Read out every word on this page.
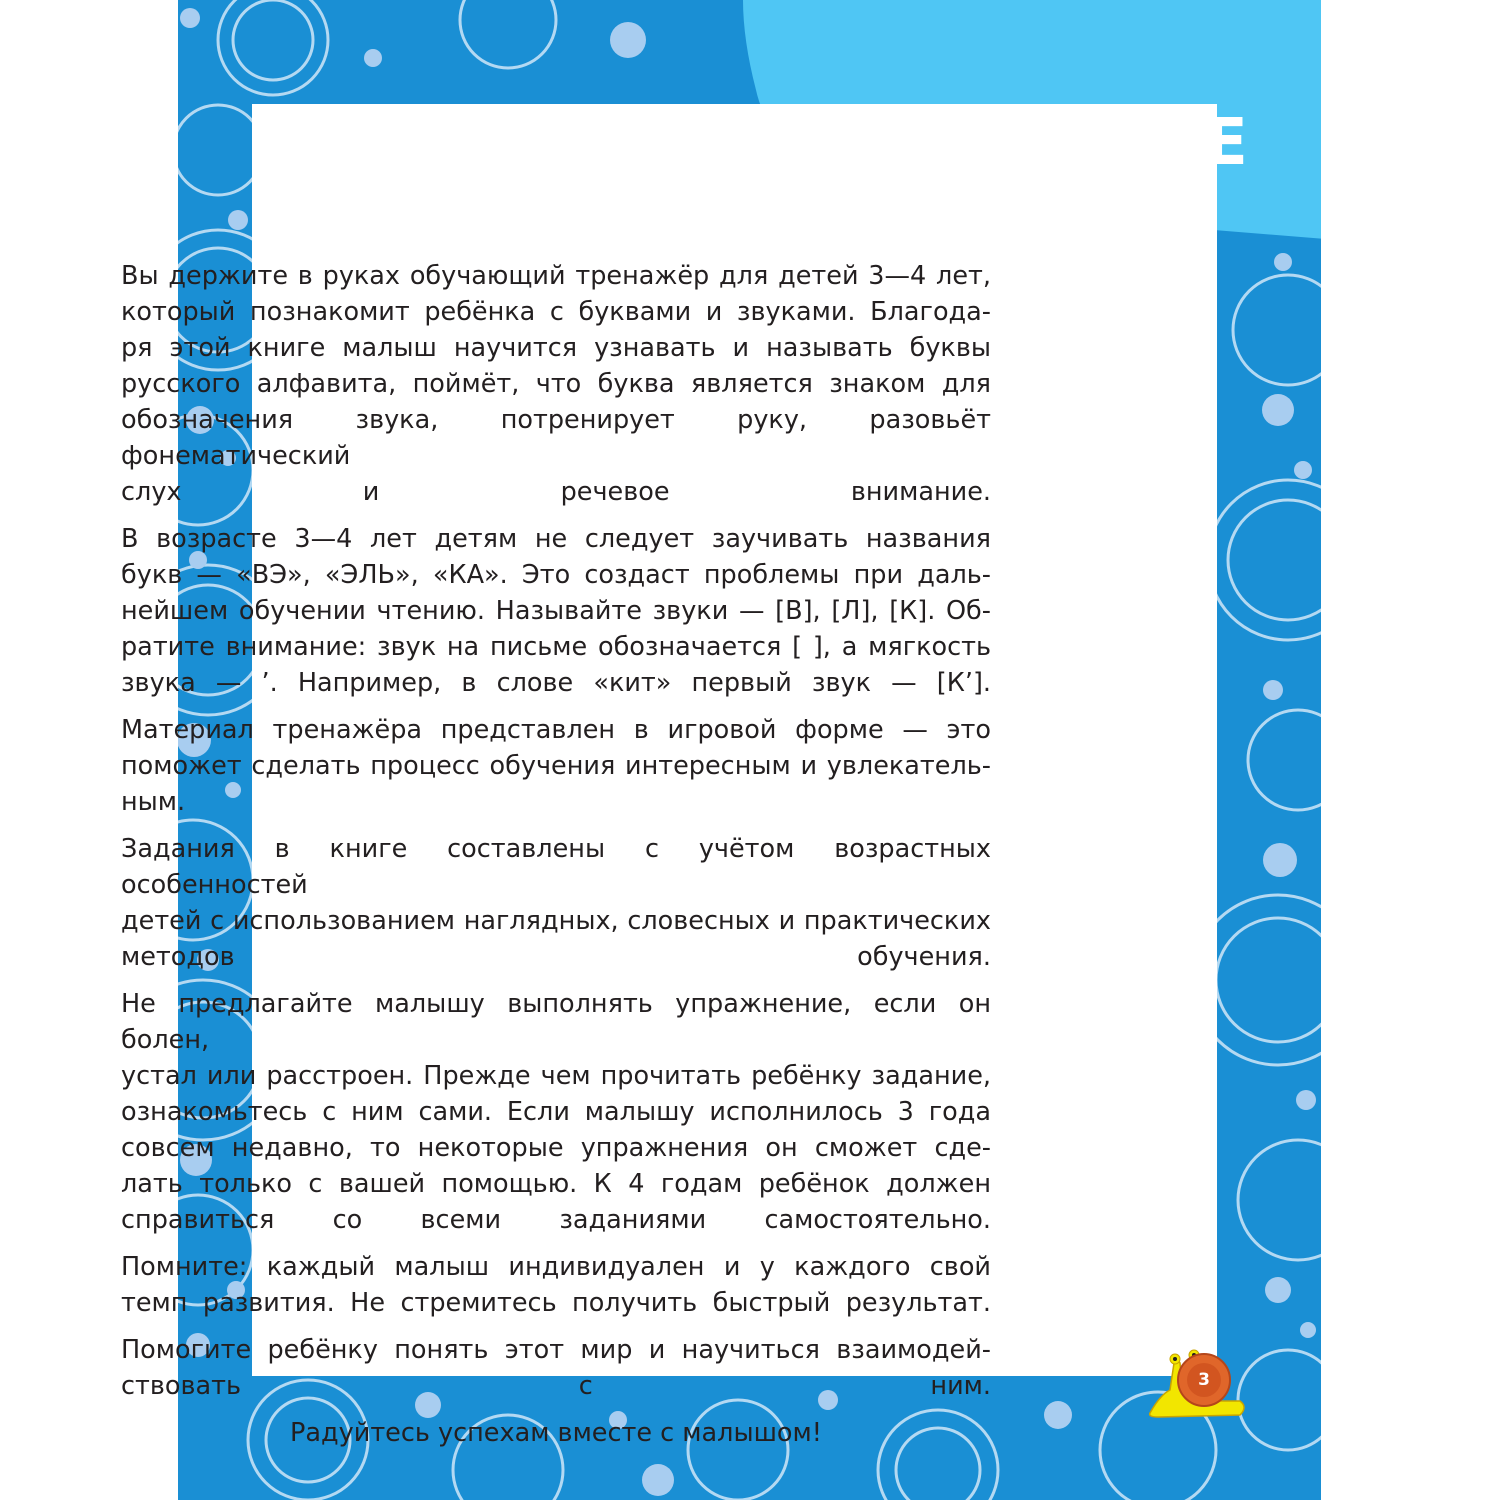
ВВЕДЕНИЕ
3

Вы держите в руках обучающий тренажёр для детей 3—4 лет,
который познакомит ребёнка с буквами и звуками. Благода-
ря этой книге малыш научится узнавать и называть буквы
русского алфавита, поймёт, что буква является знаком для
обозначения звука, потренирует руку, разовьёт фонематический
слух и речевое внимание.

В возрасте 3—4 лет детям не следует заучивать названия
букв — «ВЭ», «ЭЛЬ», «КА». Это создаст проблемы при даль-
нейшем обучении чтению. Называйте звуки — [В], [Л], [К]. Об-
ратите внимание: звук на письме обозначается [ ], а мягкость
звука — ’. Например, в слове «кит» первый звук — [К’].

Материал тренажёра представлен в игровой форме — это
поможет сделать процесс обучения интересным и увлекатель-
ным.

Задания в книге составлены с учётом возрастных особенностей
детей с использованием наглядных, словесных и практических
методов обучения.

Не предлагайте малышу выполнять упражнение, если он болен,
устал или расстроен. Прежде чем прочитать ребёнку задание,
ознакомьтесь с ним сами. Если малышу исполнилось 3 года
совсем недавно, то некоторые упражнения он сможет сде-
лать только с вашей помощью. К 4 годам ребёнок должен
справиться со всеми заданиями самостоятельно.

Помните: каждый малыш индивидуален и у каждого свой
темп развития. Не стремитесь получить быстрый результат.

Помогите ребёнку понять этот мир и научиться взаимодей-
ствовать с ним.

Радуйтесь успехам вместе с малышом!
